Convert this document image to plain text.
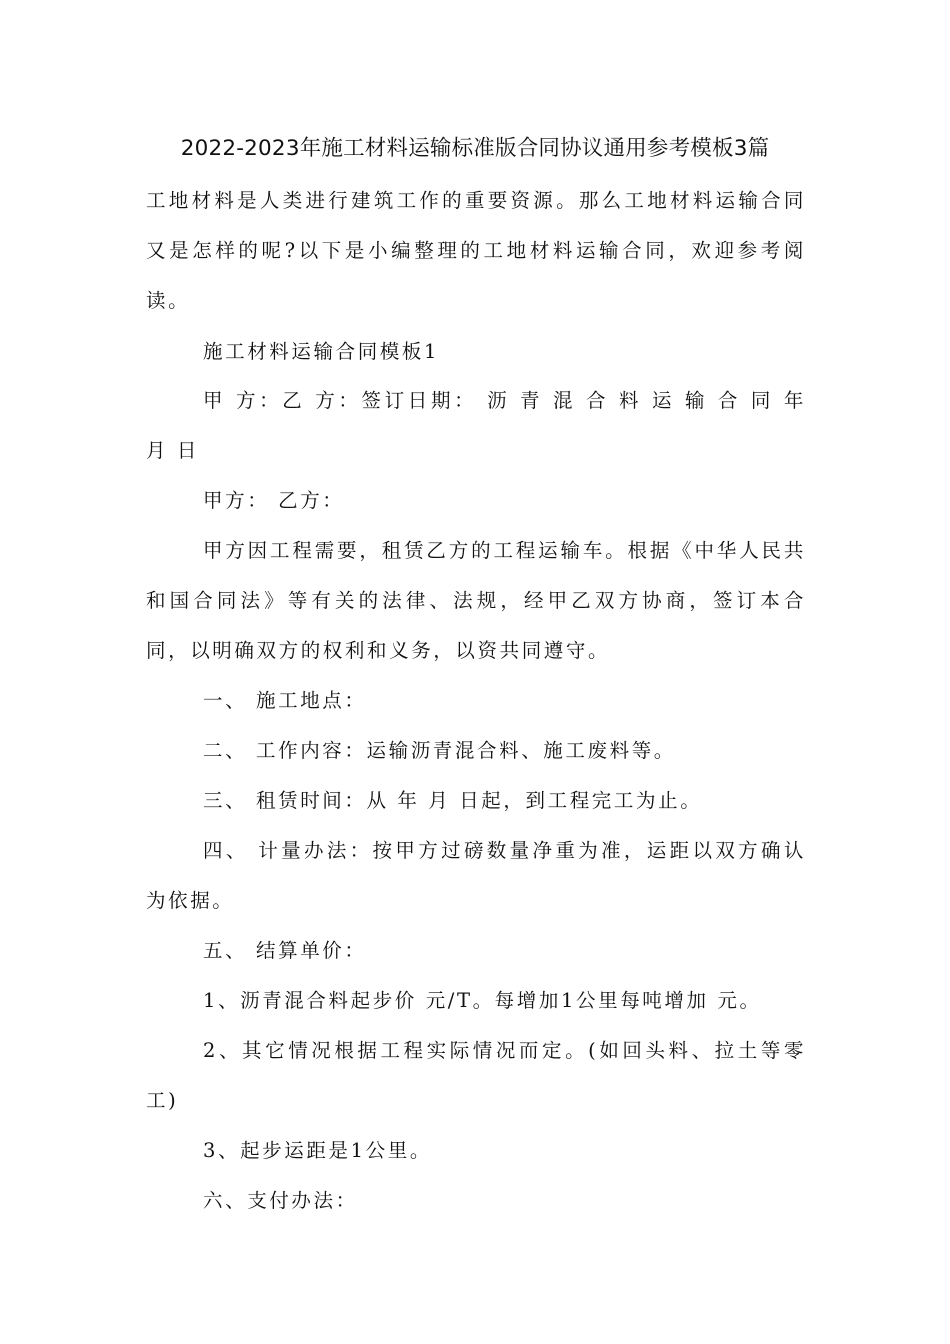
2022-2023年施工材料运输标准版合同协议通用参考模板3篇
工地材料是人类进行建筑工作的重要资源。那么工地材料运输合同
又是怎样的呢?以下是小编整理的工地材料运输合同，欢迎参考阅
读。
施工材料运输合同模板1
甲 方：乙 方：签订日期： 沥 青 混 合 料 运 输 合 同 年
月 日
甲方： 乙方：
甲方因工程需要，租赁乙方的工程运输车。根据《中华人民共
和国合同法》等有关的法律、法规，经甲乙双方协商，签订本合
同，以明确双方的权利和义务，以资共同遵守。
一、 施工地点：
二、 工作内容：运输沥青混合料、施工废料等。
三、 租赁时间：从 年 月 日起，到工程完工为止。
四、 计量办法：按甲方过磅数量净重为准，运距以双方确认
为依据。
五、 结算单价：
1、沥青混合料起步价 元/T。每增加1公里每吨增加 元。
2、其它情况根据工程实际情况而定。(如回头料、拉土等零
工)
3、起步运距是1公里。
六、支付办法：
